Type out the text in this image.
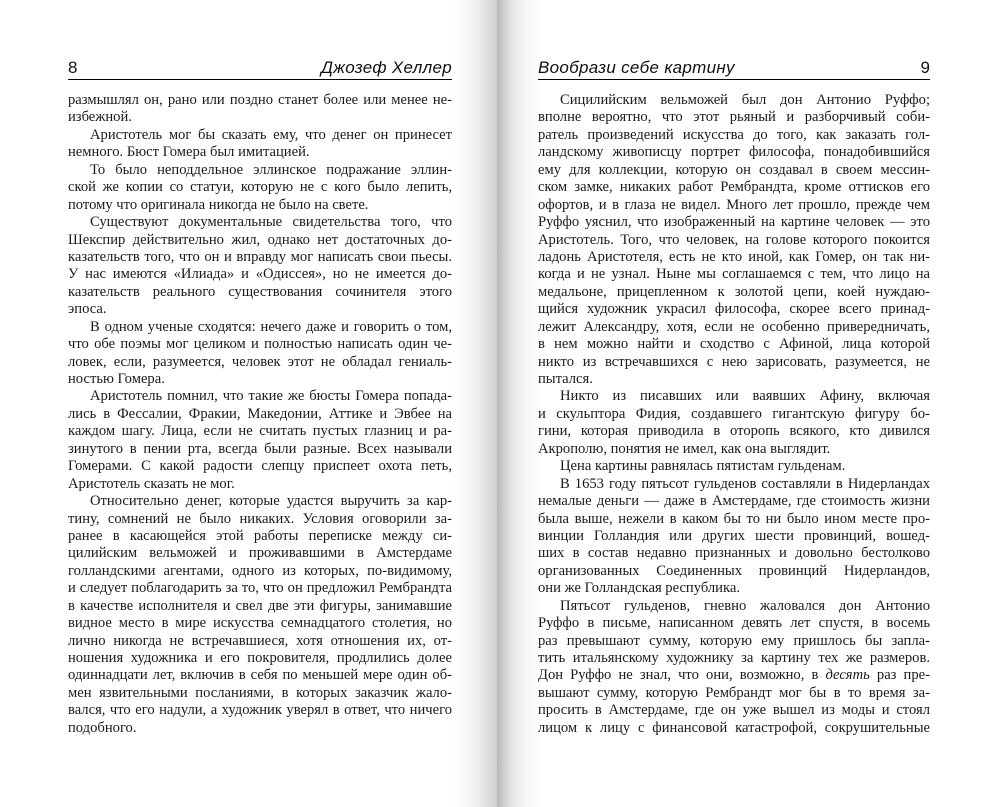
8	Джозеф Хеллер
размышлял он, рано или поздно станет более или менее не-
избежной.
Аристотель мог бы сказать ему, что денег он принесет
немного. Бюст Гомера был имитацией.
То было неподдельное эллинское подражание эллин-
ской же копии со статуи, которую не с кого было лепить,
потому что оригинала никогда не было на свете.
Существуют документальные свидетельства того, что
Шекспир действительно жил, однако нет достаточных до-
казательств того, что он и вправду мог написать свои пьесы.
У нас имеются «Илиада» и «Одиссея», но не имеется до-
казательств реального существования сочинителя этого
эпоса.
В одном ученые сходятся: нечего даже и говорить о том,
что обе поэмы мог целиком и полностью написать один че-
ловек, если, разумеется, человек этот не обладал гениаль-
ностью Гомера.
Аристотель помнил, что такие же бюсты Гомера попада-
лись в Фессалии, Фракии, Македонии, Аттике и Эвбее на
каждом шагу. Лица, если не считать пустых глазниц и ра-
зинутого в пении рта, всегда были разные. Всех называли
Гомерами. С какой радости слепцу приспеет охота петь,
Аристотель сказать не мог.
Относительно денег, которые удастся выручить за кар-
тину, сомнений не было никаких. Условия оговорили за-
ранее в касающейся этой работы переписке между си-
цилийским вельможей и проживавшими в Амстердаме
голландскими агентами, одного из которых, по-видимому,
и следует поблагодарить за то, что он предложил Рембрандта
в качестве исполнителя и свел две эти фигуры, занимавшие
видное место в мире искусства семнадцатого столетия, но
лично никогда не встречавшиеся, хотя отношения их, от-
ношения художника и его покровителя, продлились долее
одиннадцати лет, включив в себя по меньшей мере один об-
мен язвительными посланиями, в которых заказчик жало-
вался, что его надули, а художник уверял в ответ, что ничего
подобного.
Вообрази себе картину	9
Сицилийским вельможей был дон Антонио Руффо;
вполне вероятно, что этот рьяный и разборчивый соби-
ратель произведений искусства до того, как заказать гол-
ландскому живописцу портрет философа, понадобившийся
ему для коллекции, которую он создавал в своем мессин-
ском замке, никаких работ Рембрандта, кроме оттисков его
офортов, и в глаза не видел. Много лет прошло, прежде чем
Руффо уяснил, что изображенный на картине человек — это
Аристотель. Того, что человек, на голове которого покоится
ладонь Аристотеля, есть не кто иной, как Гомер, он так ни-
когда и не узнал. Ныне мы соглашаемся с тем, что лицо на
медальоне, прицепленном к золотой цепи, коей нуждаю-
щийся художник украсил философа, скорее всего принад-
лежит Александру, хотя, если не особенно привередничать,
в нем можно найти и сходство с Афиной, лица которой
никто из встречавшихся с нею зарисовать, разумеется, не
пытался.
Никто из писавших или ваявших Афину, включая
и скульптора Фидия, создавшего гигантскую фигуру бо-
гини, которая приводила в оторопь всякого, кто дивился
Акрополю, понятия не имел, как она выглядит.
Цена картины равнялась пятистам гульденам.
В 1653 году пятьсот гульденов составляли в Нидерландах
немалые деньги — даже в Амстердаме, где стоимость жизни
была выше, нежели в каком бы то ни было ином месте про-
винции Голландия или других шести провинций, вошед-
ших в состав недавно признанных и довольно бестолково
организованных Соединенных провинций Нидерландов,
они же Голландская республика.
Пятьсот гульденов, гневно жаловался дон Антонио
Руффо в письме, написанном девять лет спустя, в восемь
раз превышают сумму, которую ему пришлось бы запла-
тить итальянскому художнику за картину тех же размеров.
Дон Руффо не знал, что они, возможно, в десять раз пре-
вышают сумму, которую Рембрандт мог бы в то время за-
просить в Амстердаме, где он уже вышел из моды и стоял
лицом к лицу с финансовой катастрофой, сокрушительные
